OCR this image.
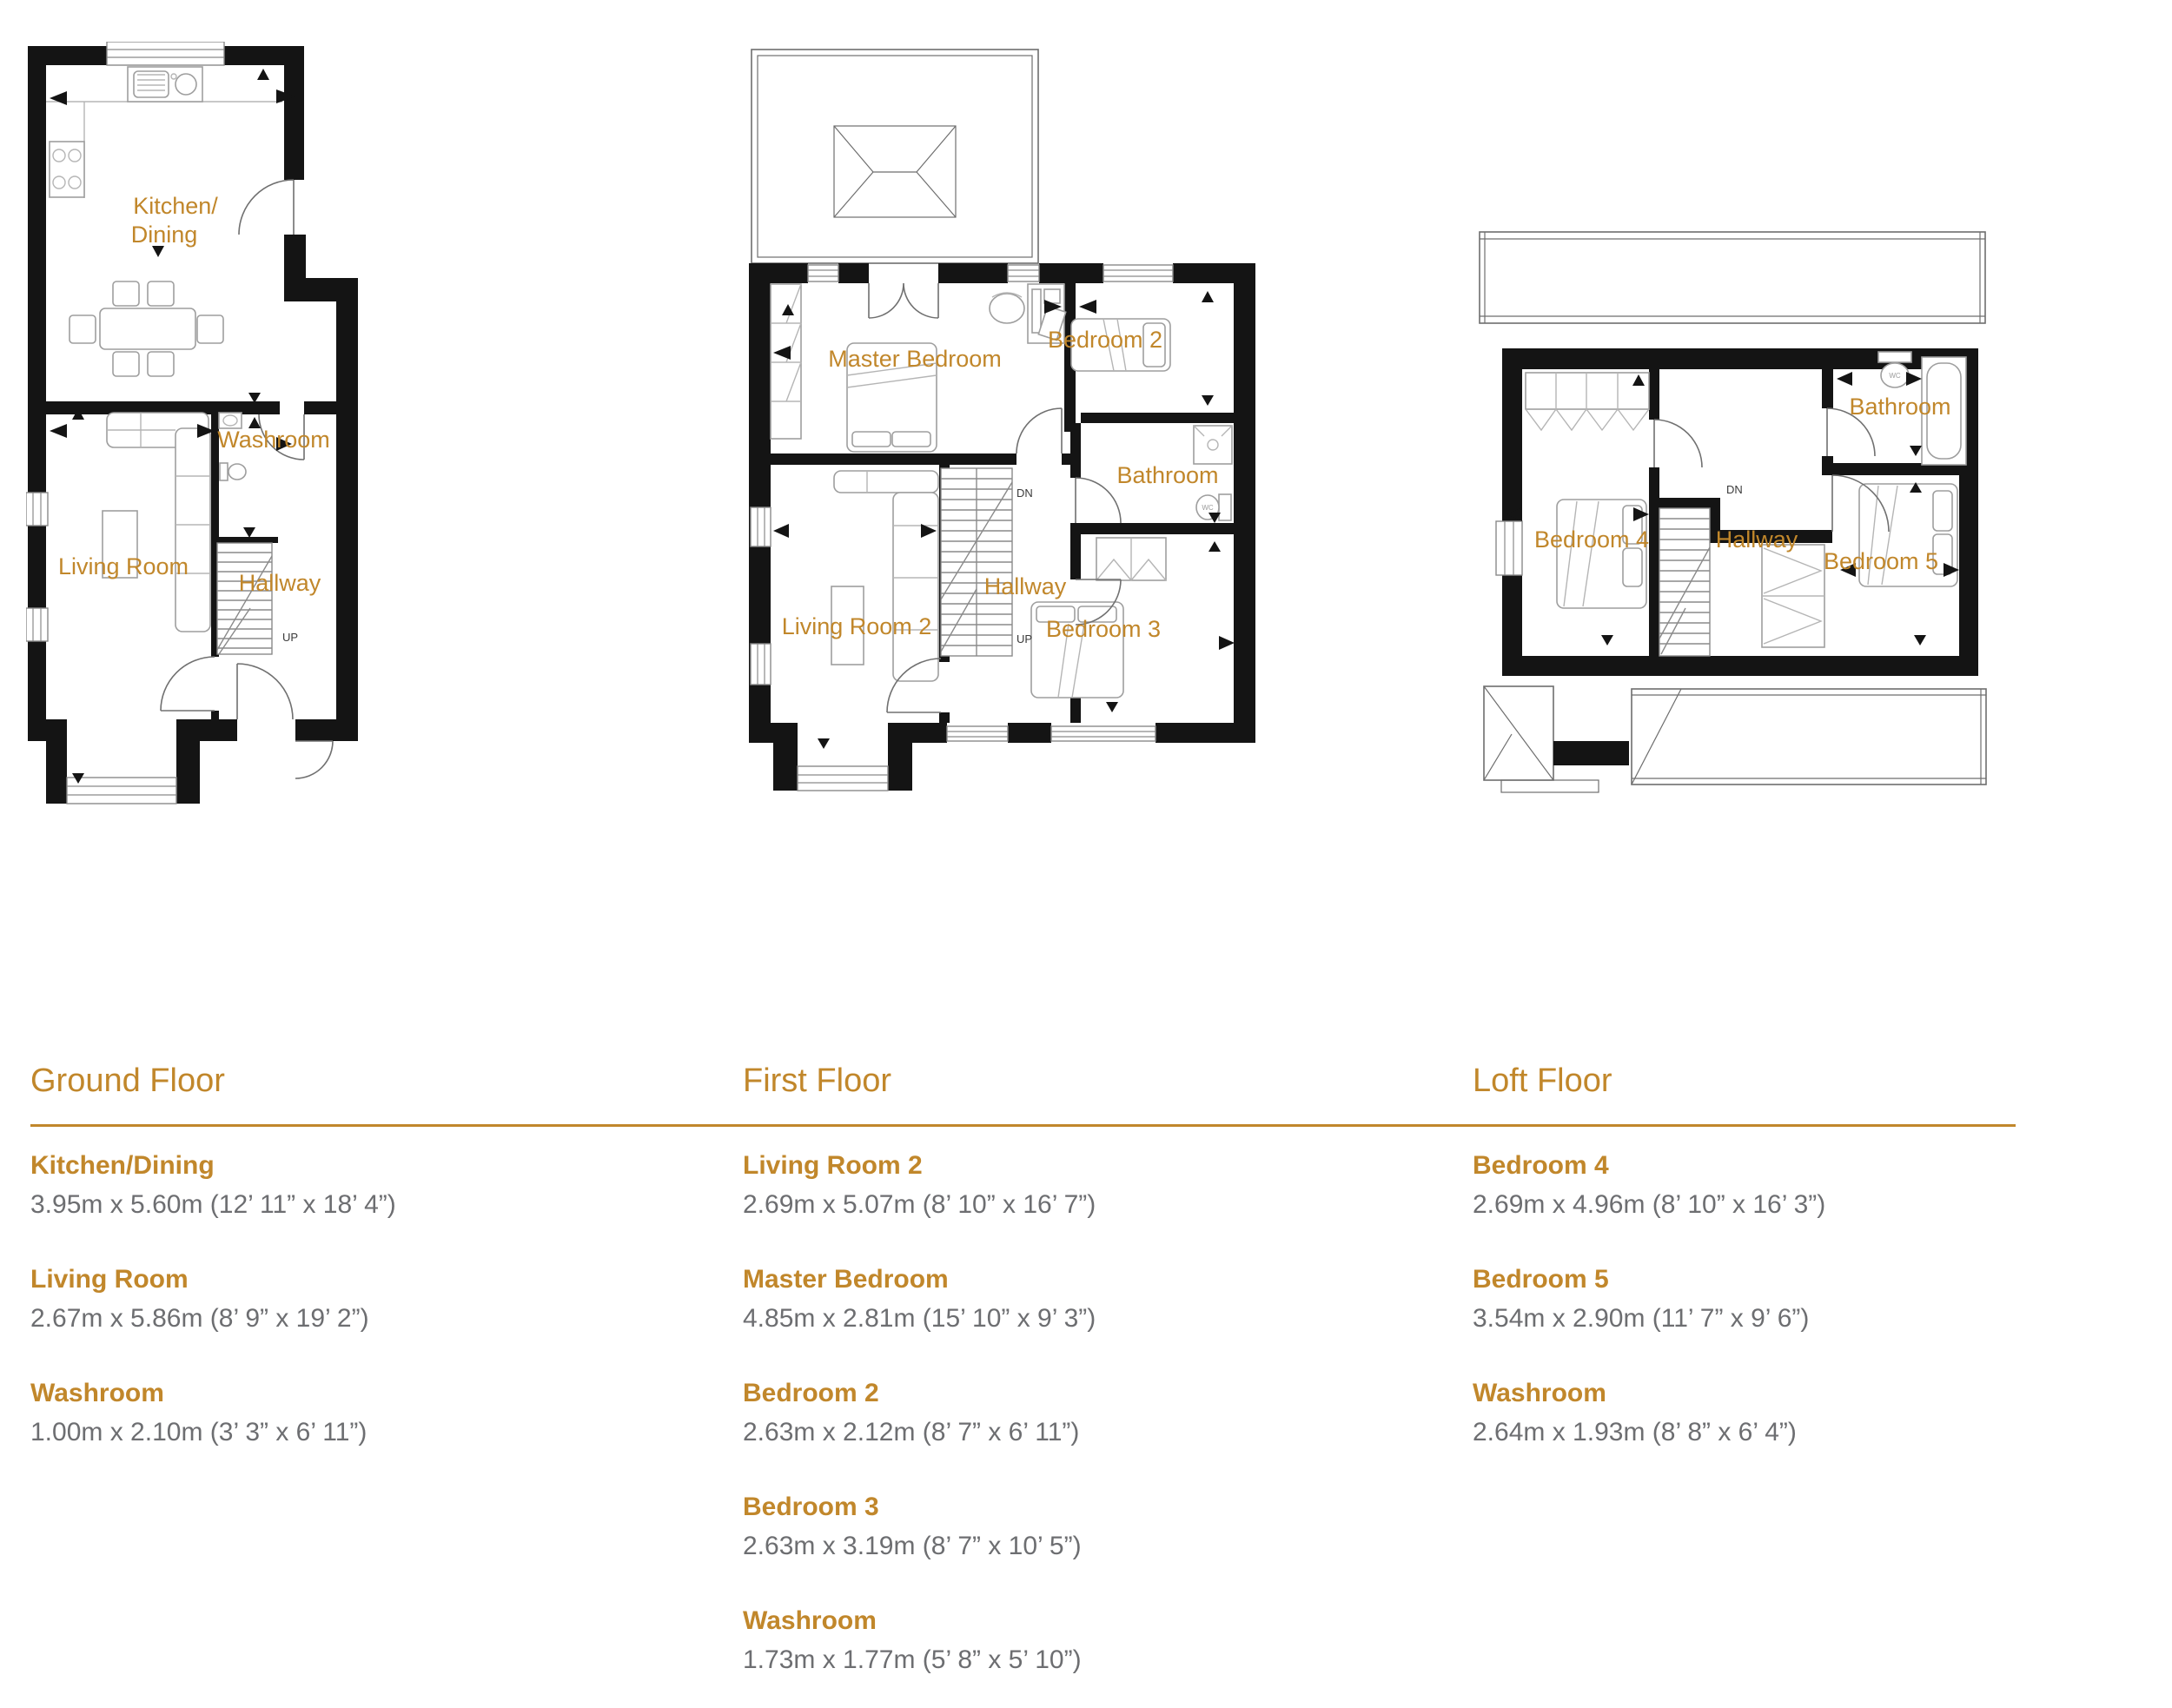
Kitchen/
Dining
Living Room
Washroom
Hallway
UP
WC
Master Bedroom
Bedroom 2
Bathroom
Hallway
Living Room 2	Bedroom 3
DN
UP
WC
Bedroom 4	Hallway
Bathroom
Bedroom 5
DN
Ground Floor
Kitchen/Dining
3.95m x 5.60m (12’ 11” x 18’ 4”)
Living Room
2.67m x 5.86m (8’ 9” x 19’ 2”)
Washroom
1.00m x 2.10m (3’ 3” x 6’ 11”)
First Floor
Living Room 2
2.69m x 5.07m (8’ 10” x 16’ 7”)
Master Bedroom
4.85m x 2.81m (15’ 10” x 9’ 3”)
Bedroom 2
2.63m x 2.12m (8’ 7” x 6’ 11”)
Bedroom 3
2.63m x 3.19m (8’ 7” x 10’ 5”)
Washroom
1.73m x 1.77m (5’ 8” x 5’ 10”)
Loft Floor
Bedroom 4
2.69m x 4.96m (8’ 10” x 16’ 3”)
Bedroom 5
3.54m x 2.90m (11’ 7” x 9’ 6”)
Washroom
2.64m x 1.93m (8’ 8” x 6’ 4”)
